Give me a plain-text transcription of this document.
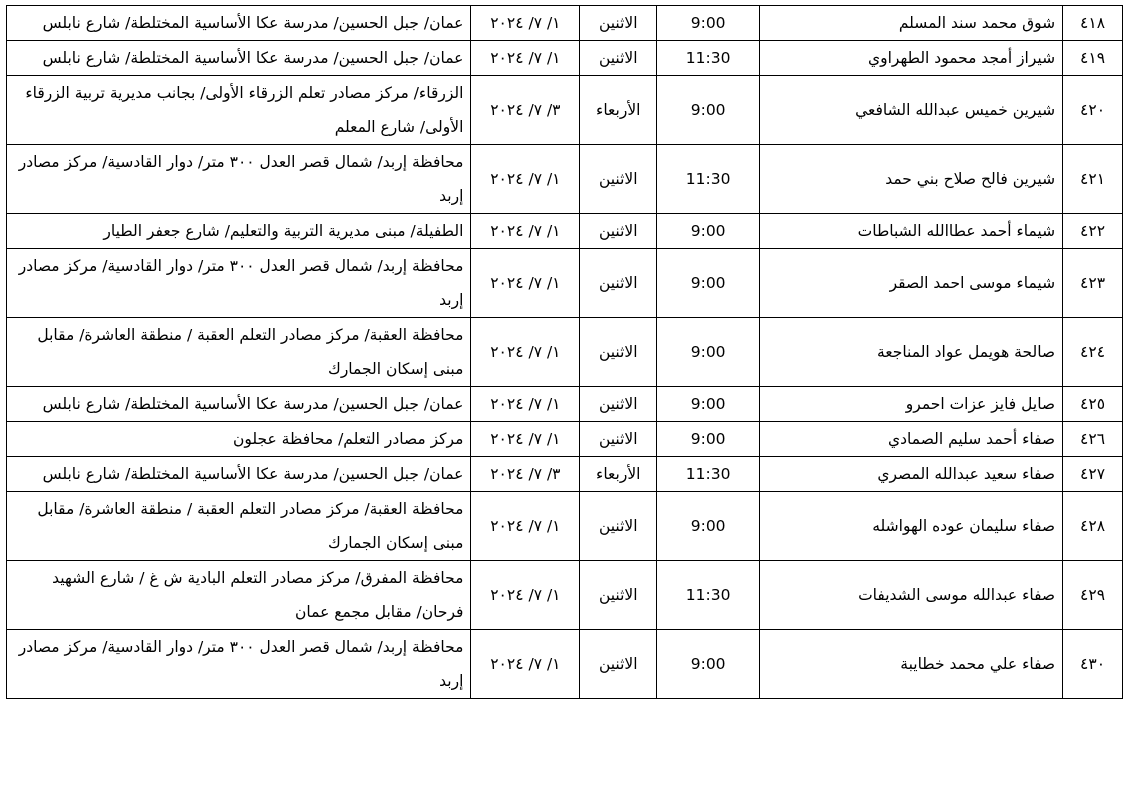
٤١٨	شوق محمد سند المسلم	9:00	الاثنين	١/ ٧/ ٢٠٢٤	عمان/ جبل الحسين/ مدرسة عكا الأساسية المختلطة/ شارع نابلس
٤١٩	شيراز أمجد محمود الطهراوي	11:30	الاثنين	١/ ٧/ ٢٠٢٤	عمان/ جبل الحسين/ مدرسة عكا الأساسية المختلطة/ شارع نابلس
٤٢٠	شيرين خميس عبدالله الشافعي	9:00	الأربعاء	٣/ ٧/ ٢٠٢٤	الزرقاء/ مركز مصادر تعلم الزرقاء الأولى/ بجانب مديرية تربية الزرقاء الأولى/ شارع المعلم
٤٢١	شيرين فالح صلاح بني حمد	11:30	الاثنين	١/ ٧/ ٢٠٢٤	محافظة إربد/ شمال قصر العدل ٣٠٠ متر/ دوار القادسية/ مركز مصادر إربد
٤٢٢	شيماء أحمد عطاالله الشباطات	9:00	الاثنين	١/ ٧/ ٢٠٢٤	الطفيلة/ مبنى مديرية التربية والتعليم/ شارع جعفر الطيار
٤٢٣	شيماء موسى احمد الصقر	9:00	الاثنين	١/ ٧/ ٢٠٢٤	محافظة إربد/ شمال قصر العدل ٣٠٠ متر/ دوار القادسية/ مركز مصادر إربد
٤٢٤	صالحة هويمل عواد المناجعة	9:00	الاثنين	١/ ٧/ ٢٠٢٤	محافظة العقبة/ مركز مصادر التعلم العقبة / منطقة العاشرة/ مقابل مبنى إسكان الجمارك
٤٢٥	صايل فايز عزات احمرو	9:00	الاثنين	١/ ٧/ ٢٠٢٤	عمان/ جبل الحسين/ مدرسة عكا الأساسية المختلطة/ شارع نابلس
٤٢٦	صفاء أحمد سليم الصمادي	9:00	الاثنين	١/ ٧/ ٢٠٢٤	مركز مصادر التعلم/ محافظة عجلون
٤٢٧	صفاء سعيد عبدالله المصري	11:30	الأربعاء	٣/ ٧/ ٢٠٢٤	عمان/ جبل الحسين/ مدرسة عكا الأساسية المختلطة/ شارع نابلس
٤٢٨	صفاء سليمان عوده الهواشله	9:00	الاثنين	١/ ٧/ ٢٠٢٤	محافظة العقبة/ مركز مصادر التعلم العقبة / منطقة العاشرة/ مقابل مبنى إسكان الجمارك
٤٢٩	صفاء عبدالله موسى الشديفات	11:30	الاثنين	١/ ٧/ ٢٠٢٤	محافظة المفرق/ مركز مصادر التعلم البادية ش غ / شارع الشهيد فرحان/ مقابل مجمع عمان
٤٣٠	صفاء علي محمد خطايبة	9:00	الاثنين	١/ ٧/ ٢٠٢٤	محافظة إربد/ شمال قصر العدل ٣٠٠ متر/ دوار القادسية/ مركز مصادر إربد
